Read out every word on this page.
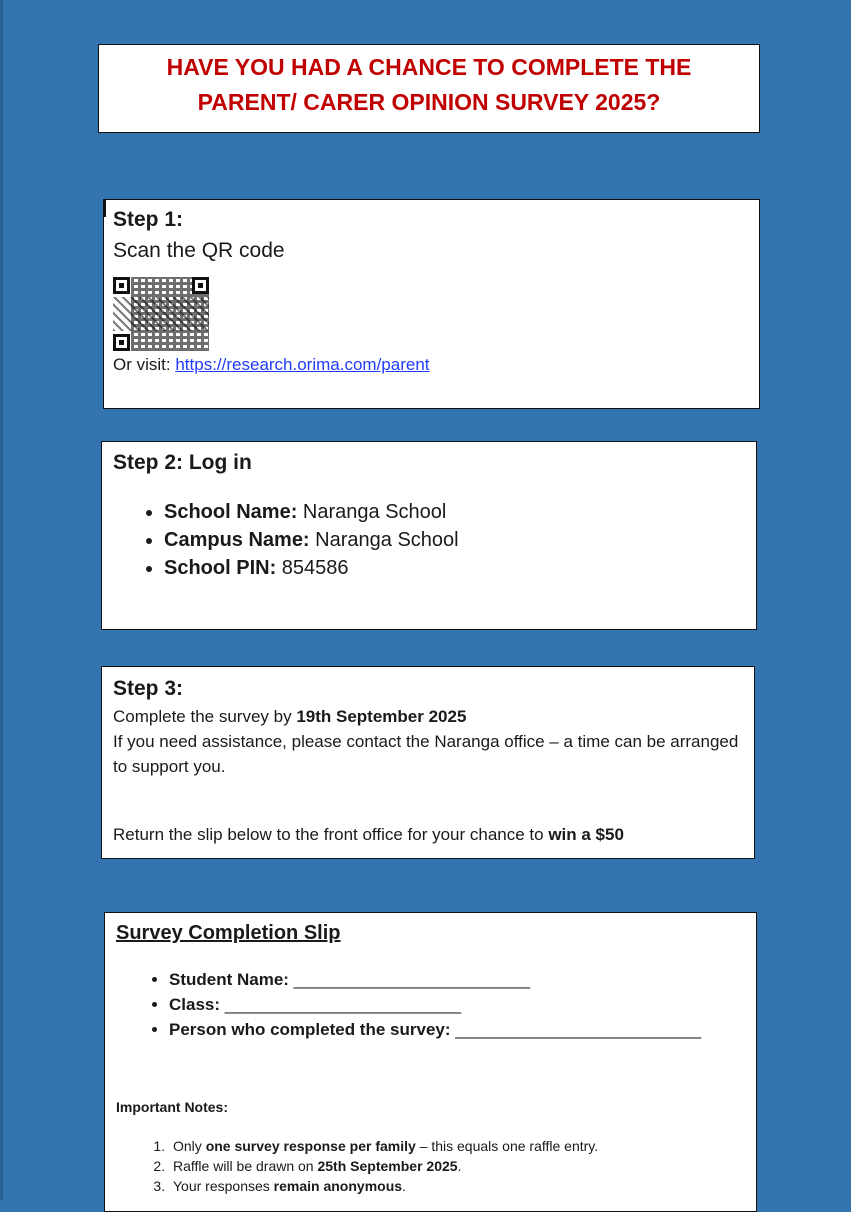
HAVE YOU HAD A CHANCE TO COMPLETE THE
PARENT/ CARER OPINION SURVEY 2025?
Step 1:
Scan the QR code
Or visit: https://research.orima.com/parent
Step 2: Log in
• School Name: Naranga School
• Campus Name: Naranga School
• School PIN: 854586
Step 3:
Complete the survey by 19th September 2025
If you need assistance, please contact the Naranga office – a time can be arranged to support you.
Return the slip below to the front office for your chance to win a $50
Survey Completion Slip
• Student Name: _________________________
• Class: _________________________
• Person who completed the survey: __________________________
Important Notes:
1. Only one survey response per family – this equals one raffle entry.
2. Raffle will be drawn on 25th September 2025.
3. Your responses remain anonymous.
